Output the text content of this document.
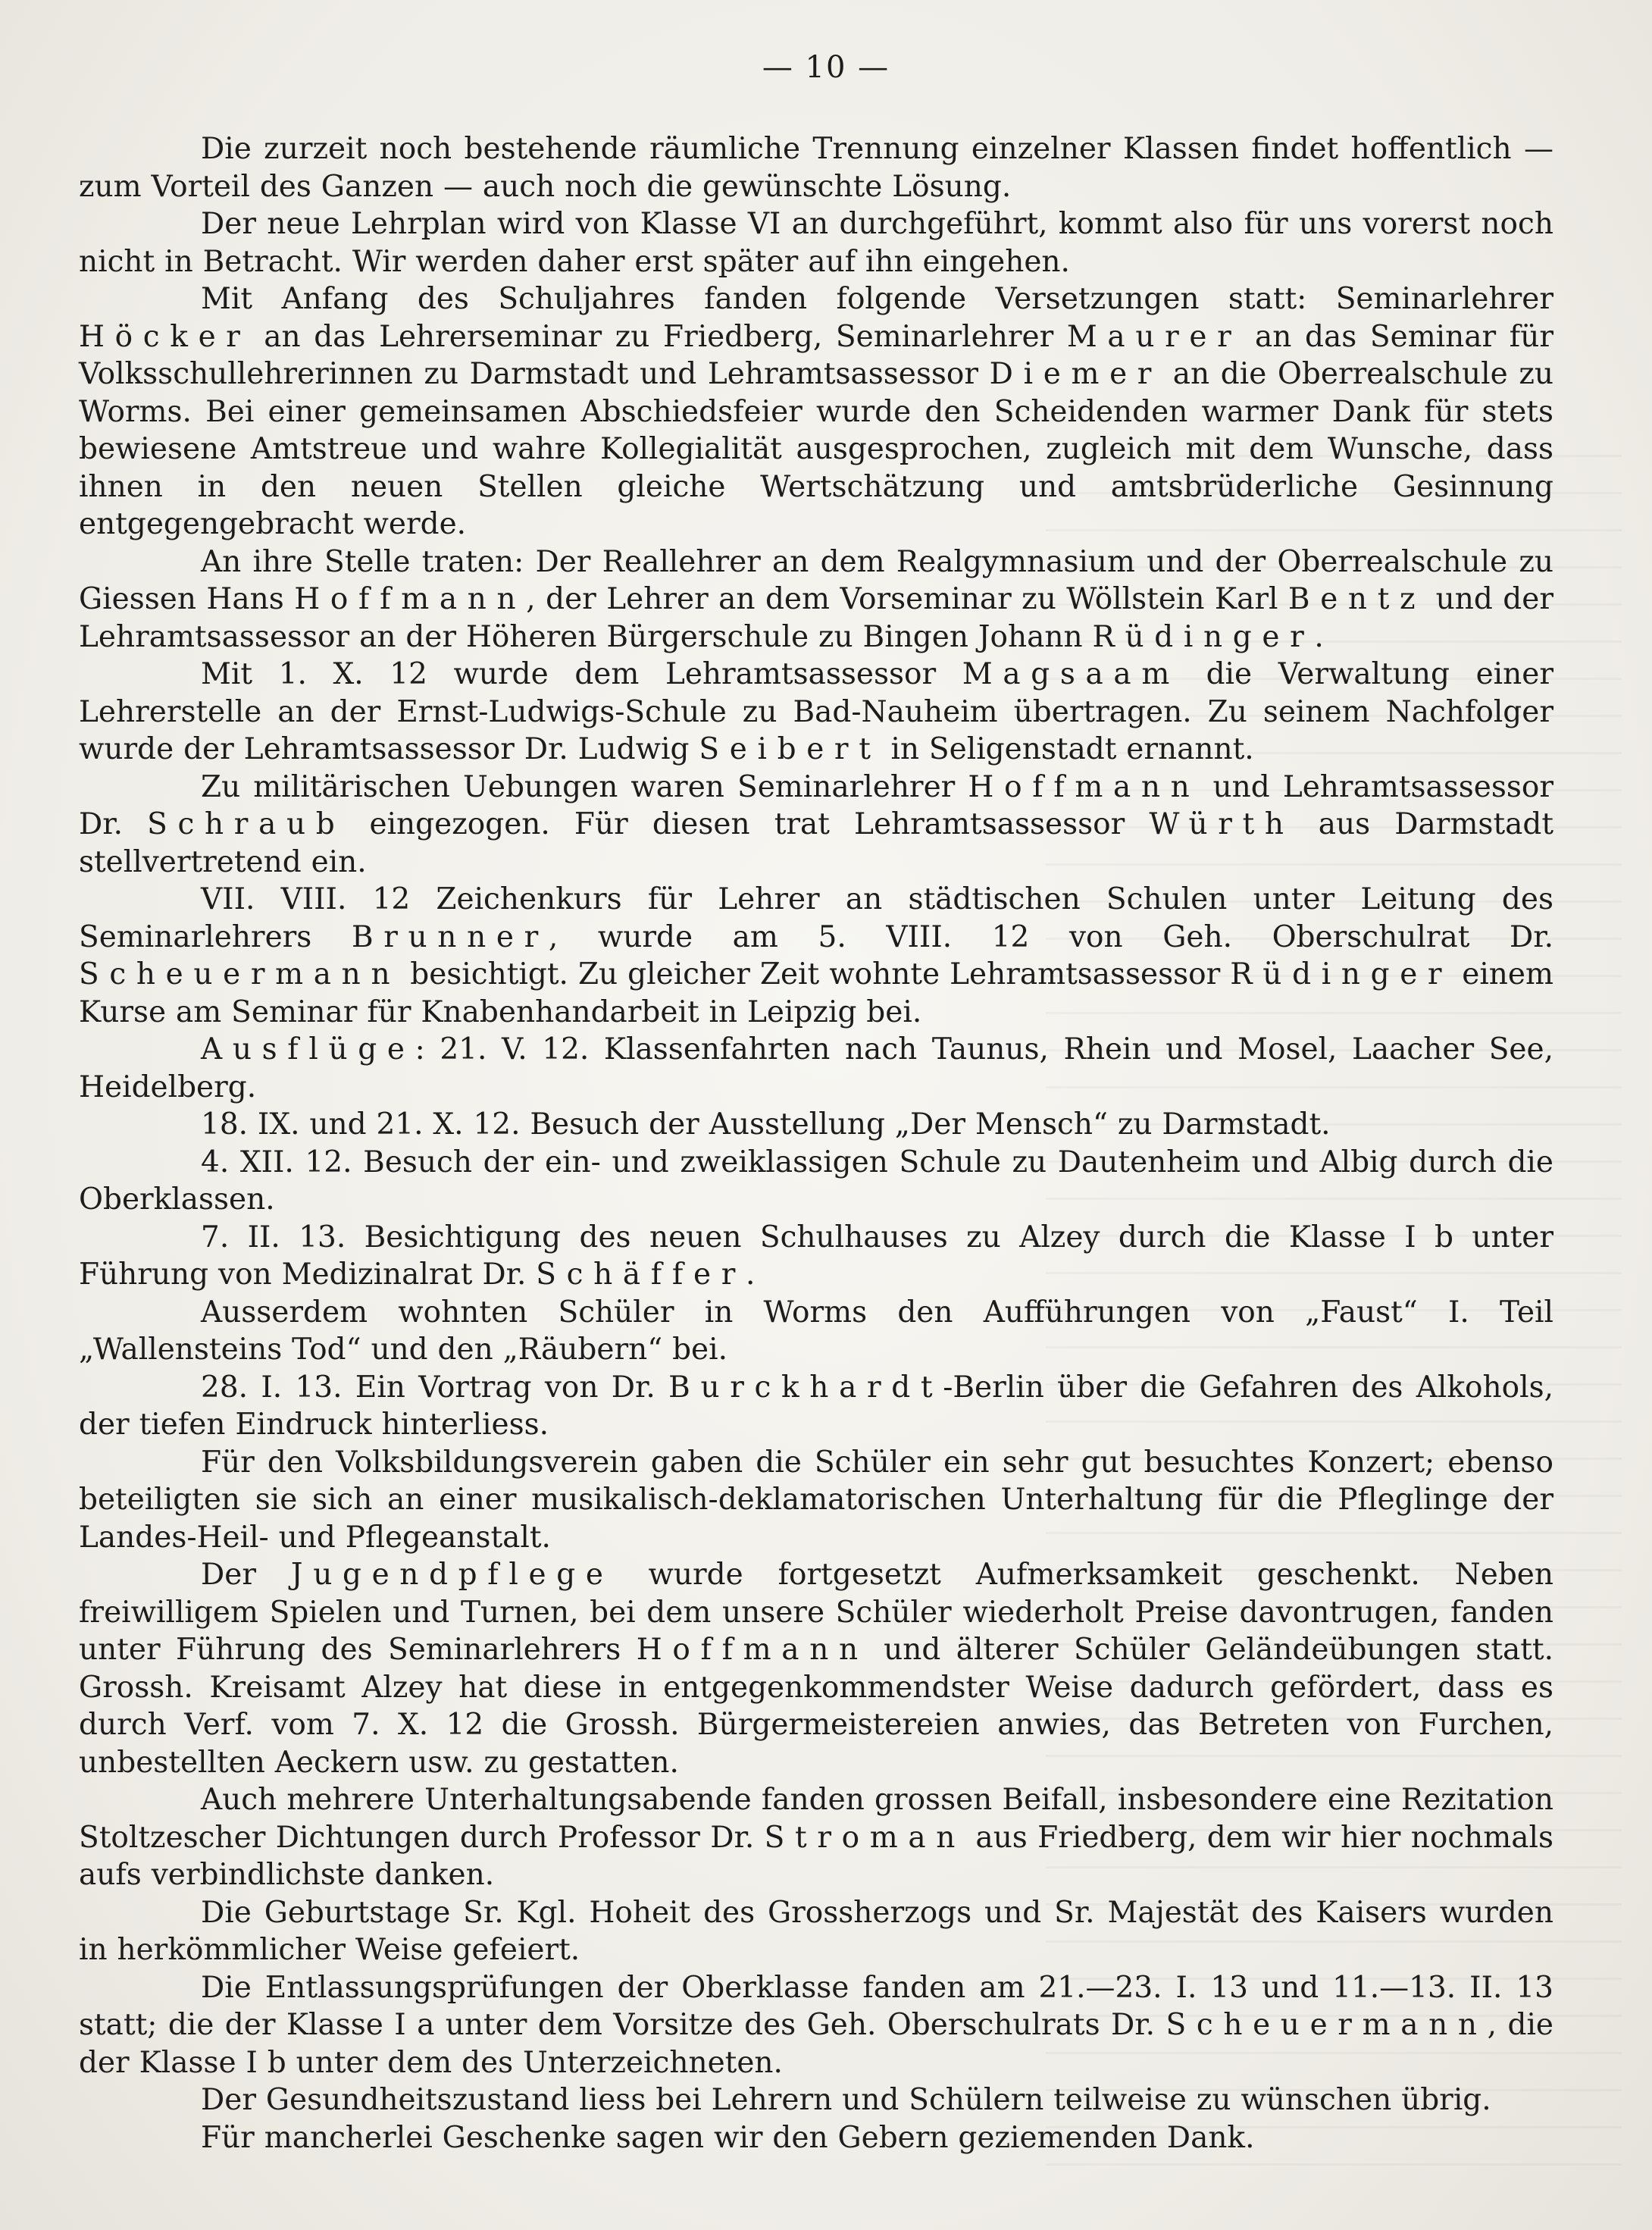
— 10 —

Die zurzeit noch bestehende räumliche Trennung einzelner Klassen findet hoffentlich — zum Vorteil des Ganzen — auch noch die gewünschte Lösung.

Der neue Lehrplan wird von Klasse VI an durchgeführt, kommt also für uns vorerst noch nicht in Betracht. Wir werden daher erst später auf ihn eingehen.

Mit Anfang des Schuljahres fanden folgende Versetzungen statt: Seminarlehrer Höcker an das Lehrerseminar zu Friedberg, Seminarlehrer Maurer an das Seminar für Volksschullehrerinnen zu Darmstadt und Lehramtsassessor Diemer an die Oberrealschule zu Worms. Bei einer gemeinsamen Abschiedsfeier wurde den Scheidenden warmer Dank für stets bewiesene Amtstreue und wahre Kollegialität ausgesprochen, zugleich mit dem Wunsche, dass ihnen in den neuen Stellen gleiche Wertschätzung und amtsbrüderliche Gesinnung entgegengebracht werde.

An ihre Stelle traten: Der Reallehrer an dem Realgymnasium und der Oberrealschule zu Giessen Hans Hoffmann, der Lehrer an dem Vorseminar zu Wöllstein Karl Bentz und der Lehramtsassessor an der Höheren Bürgerschule zu Bingen Johann Rüdinger.

Mit 1. X. 12 wurde dem Lehramtsassessor Magsaam die Verwaltung einer Lehrerstelle an der Ernst-Ludwigs-Schule zu Bad-Nauheim übertragen. Zu seinem Nachfolger wurde der Lehramtsassessor Dr. Ludwig Seibert in Seligenstadt ernannt.

Zu militärischen Uebungen waren Seminarlehrer Hoffmann und Lehramtsassessor Dr. Schraub eingezogen. Für diesen trat Lehramtsassessor Würth aus Darmstadt stellvertretend ein.

VII. VIII. 12 Zeichenkurs für Lehrer an städtischen Schulen unter Leitung des Seminarlehrers Brunner, wurde am 5. VIII. 12 von Geh. Oberschulrat Dr. Scheuermann besichtigt. Zu gleicher Zeit wohnte Lehramtsassessor Rüdinger einem Kurse am Seminar für Knabenhandarbeit in Leipzig bei.

Ausflüge: 21. V. 12. Klassenfahrten nach Taunus, Rhein und Mosel, Laacher See, Heidelberg.

18. IX. und 21. X. 12. Besuch der Ausstellung „Der Mensch“ zu Darmstadt.

4. XII. 12. Besuch der ein- und zweiklassigen Schule zu Dautenheim und Albig durch die Oberklassen.

7. II. 13. Besichtigung des neuen Schulhauses zu Alzey durch die Klasse I b unter Führung von Medizinalrat Dr. Schäffer.

Ausserdem wohnten Schüler in Worms den Aufführungen von „Faust“ I. Teil „Wallensteins Tod“ und den „Räubern“ bei.

28. I. 13. Ein Vortrag von Dr. Burckhardt-Berlin über die Gefahren des Alkohols, der tiefen Eindruck hinterliess.

Für den Volksbildungsverein gaben die Schüler ein sehr gut besuchtes Konzert; ebenso beteiligten sie sich an einer musikalisch-deklamatorischen Unterhaltung für die Pfleglinge der Landes-Heil- und Pflegeanstalt.

Der Jugendpflege wurde fortgesetzt Aufmerksamkeit geschenkt. Neben freiwilligem Spielen und Turnen, bei dem unsere Schüler wiederholt Preise davontrugen, fanden unter Führung des Seminarlehrers Hoffmann und älterer Schüler Geländeübungen statt. Grossh. Kreisamt Alzey hat diese in entgegenkommendster Weise dadurch gefördert, dass es durch Verf. vom 7. X. 12 die Grossh. Bürgermeistereien anwies, das Betreten von Furchen, unbestellten Aeckern usw. zu gestatten.

Auch mehrere Unterhaltungsabende fanden grossen Beifall, insbesondere eine Rezitation Stoltzescher Dichtungen durch Professor Dr. Stroman aus Friedberg, dem wir hier nochmals aufs verbindlichste danken.

Die Geburtstage Sr. Kgl. Hoheit des Grossherzogs und Sr. Majestät des Kaisers wurden in herkömmlicher Weise gefeiert.

Die Entlassungsprüfungen der Oberklasse fanden am 21.—23. I. 13 und 11.—13. II. 13 statt; die der Klasse I a unter dem Vorsitze des Geh. Oberschulrats Dr. Scheuermann, die der Klasse I b unter dem des Unterzeichneten.

Der Gesundheitszustand liess bei Lehrern und Schülern teilweise zu wünschen übrig.

Für mancherlei Geschenke sagen wir den Gebern geziemenden Dank.
